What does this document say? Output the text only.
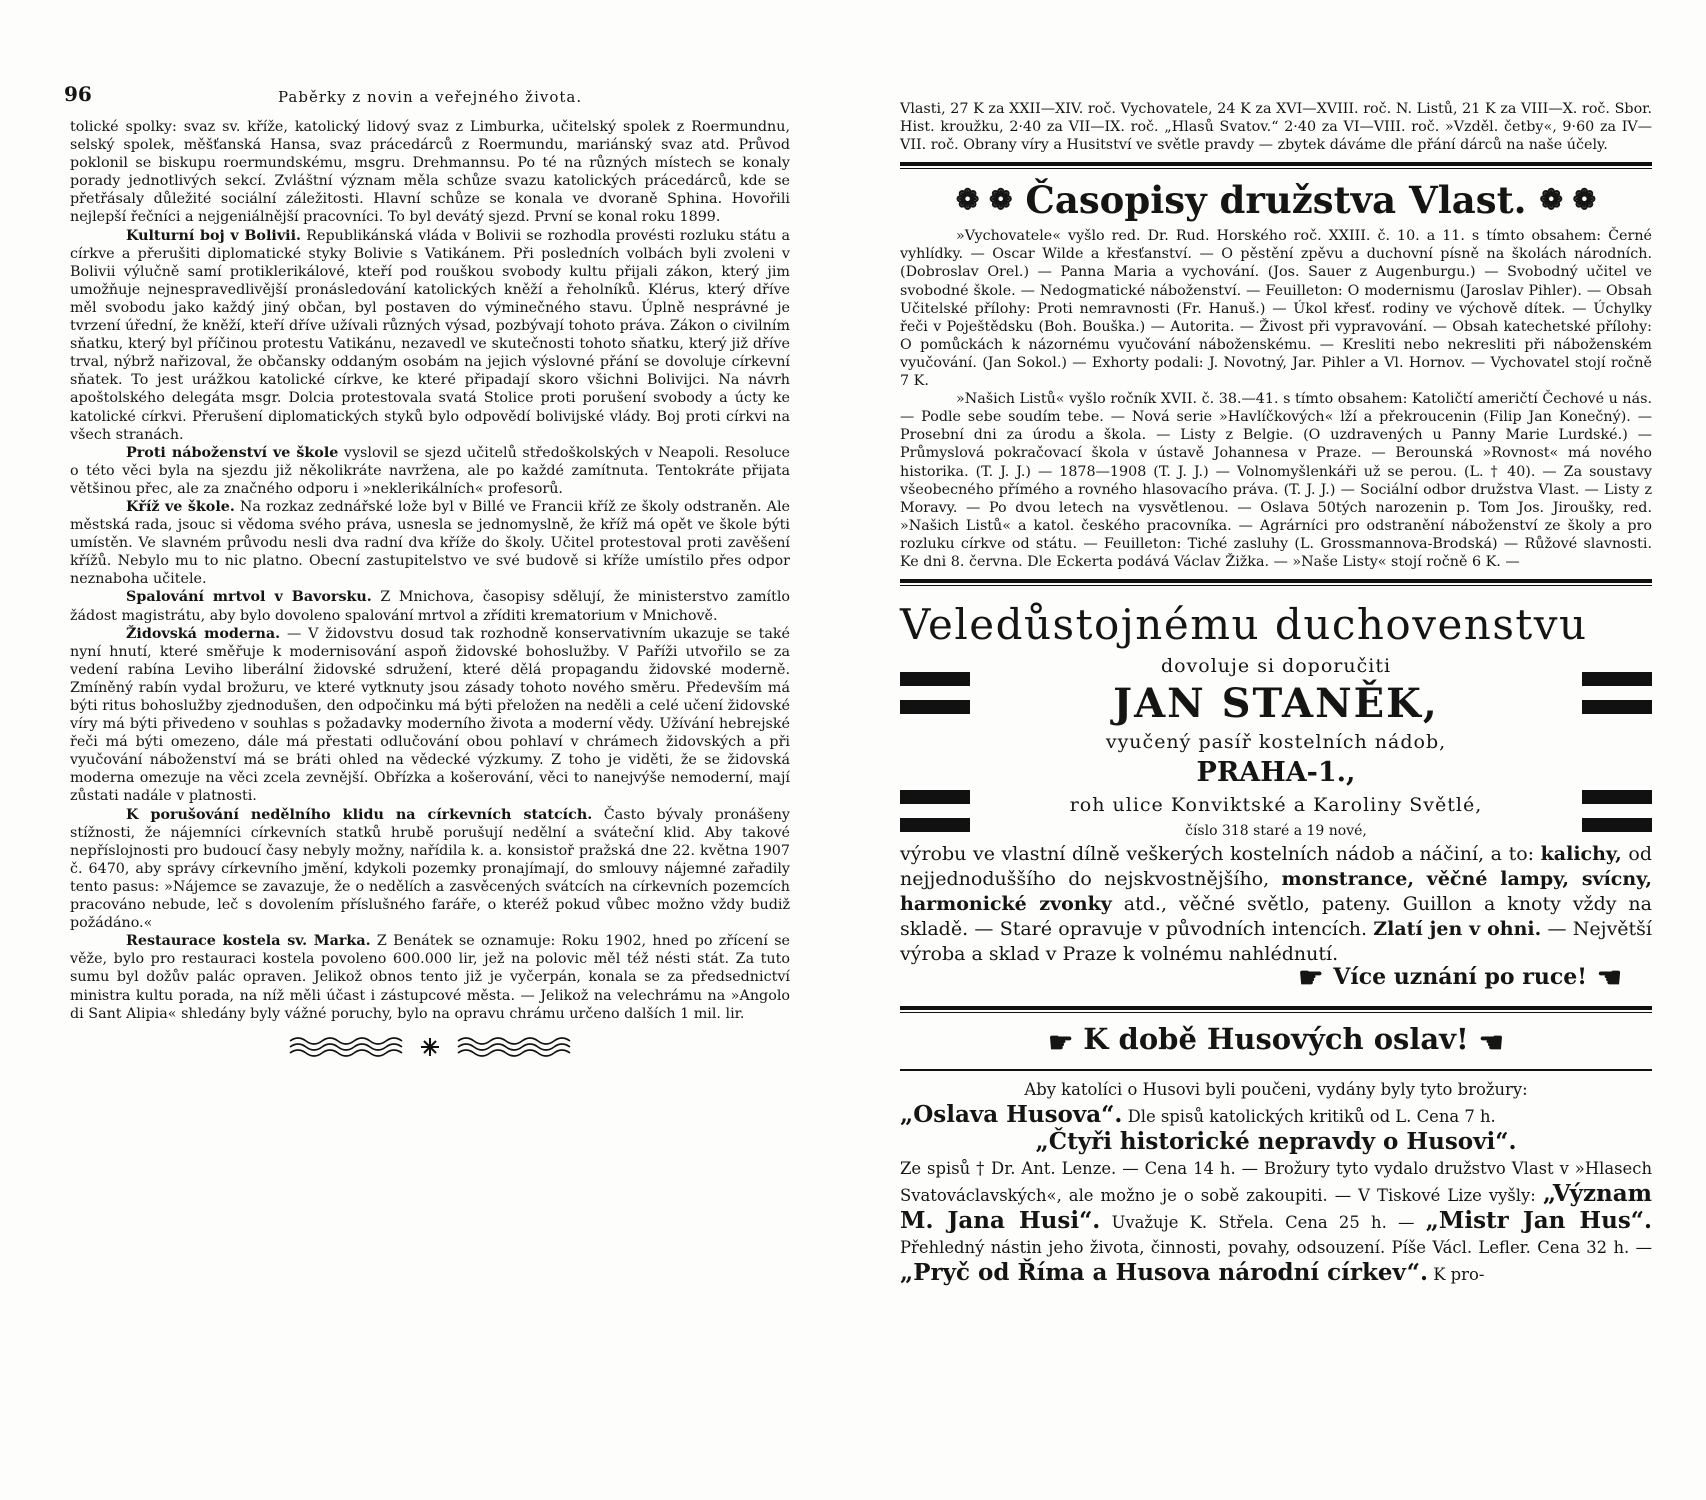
96	Paběrky z novin a veřejného života.

tolické spolky: svaz sv. kříže, katolický lidový svaz z Limburka, učitelský spolek z Roermundnu, selský spolek, měšťanská Hansa, svaz prácedárců z Roermundu, mariánský svaz atd. Průvod poklonil se biskupu roermundskému, msgru. Drehmannsu. Po té na různých místech se konaly porady jednotlivých sekcí. Zvláštní význam měla schůze svazu katolických prácedárců, kde se přetřásaly důležité sociální záležitosti. Hlavní schůze se konala ve dvoraně Sphina. Hovořili nejlepší řečníci a nejgeniálnější pracovníci. To byl devátý sjezd. První se konal roku 1899.

Kulturní boj v Bolivii. Republikánská vláda v Bolivii se rozhodla provésti rozluku státu a církve a přerušiti diplomatické styky Bolivie s Vatikánem. Při posledních volbách byli zvoleni v Bolivii výlučně samí protiklerikálové, kteří pod rouškou svobody kultu přijali zákon, který jim umožňuje nejnespravedlivější pronásledování katolických kněží a řeholníků. Klérus, který dříve měl svobodu jako každý jiný občan, byl postaven do výminečného stavu. Úplně nesprávné je tvrzení úřední, že kněží, kteří dříve užívali různých výsad, pozbývají tohoto práva. Zákon o civilním sňatku, který byl příčinou protestu Vatikánu, nezavedl ve skutečnosti tohoto sňatku, který již dříve trval, nýbrž nařizoval, že občansky oddaným osobám na jejich výslovné přání se dovoluje církevní sňatek. To jest urážkou katolické církve, ke které připadají skoro všichni Bolivijci. Na návrh apoštolského delegáta msgr. Dolcia protestovala svatá Stolice proti porušení svobody a úcty ke katolické církvi. Přerušení diplomatických styků bylo odpovědí bolivijské vlády. Boj proti církvi na všech stranách.

Proti náboženství ve škole vyslovil se sjezd učitelů středoškolských v Neapoli. Resoluce o této věci byla na sjezdu již několikráte navržena, ale po každé zamítnuta. Tentokráte přijata většinou přec, ale za značného odporu i »neklerikálních« profesorů.

Kříž ve škole. Na rozkaz zednářské lože byl v Billé ve Francii kříž ze školy odstraněn. Ale městská rada, jsouc si vědoma svého práva, usnesla se jednomyslně, že kříž má opět ve škole býti umístěn. Ve slavném průvodu nesli dva radní dva kříže do školy. Učitel protestoval proti zavěšení křížů. Nebylo mu to nic platno. Obecní zastupitelstvo ve své budově si kříže umístilo přes odpor neznaboha učitele.

Spalování mrtvol v Bavorsku. Z Mnichova, časopisy sdělují, že ministerstvo zamítlo žádost magistrátu, aby bylo dovoleno spalování mrtvol a zříditi krematorium v Mnichově.

Židovská moderna. — V židovstvu dosud tak rozhodně konservativním ukazuje se také nyní hnutí, které směřuje k modernisování aspoň židovské bohoslužby. V Paříži utvořilo se za vedení rabína Leviho liberální židovské sdružení, které dělá propagandu židovské moderně. Zmíněný rabín vydal brožuru, ve které vytknuty jsou zásady tohoto nového směru. Především má býti ritus bohoslužby zjednodušen, den odpočinku má býti přeložen na neděli a celé učení židovské víry má býti přivedeno v souhlas s požadavky moderního života a moderní vědy. Užívání hebrejské řeči má býti omezeno, dále má přestati odlučování obou pohlaví v chrámech židovských a při vyučování náboženství má se bráti ohled na vědecké výzkumy. Z toho je viděti, že se židovská moderna omezuje na věci zcela zevnější. Obřízka a košerování, věci to nanejvýše nemoderní, mají zůstati nadále v platnosti.

K porušování nedělního klidu na církevních statcích. Často bývaly pronášeny stížnosti, že nájemníci církevních statků hrubě porušují nedělní a sváteční klid. Aby takové nepříslojnosti pro budoucí časy nebyly možny, nařídila k. a. konsistoř pražská dne 22. května 1907 č. 6470, aby správy církevního jmění, kdykoli pozemky pronajímají, do smlouvy nájemné zařadily tento pasus: »Nájemce se zavazuje, že o nedělích a zasvěcených svátcích na církevních pozemcích pracováno nebude, leč s dovolením příslušného faráře, o kteréž pokud vůbec možno vždy budiž požádáno.«

Restaurace kostela sv. Marka. Z Benátek se oznamuje: Roku 1902, hned po zřícení se věže, bylo pro restauraci kostela povoleno 600.000 lir, jež na polovic měl též nésti stát. Za tuto sumu byl dožův palác opraven. Jelikož obnos tento již je vyčerpán, konala se za předsednictví ministra kultu porada, na níž měli účast i zástupcové města. — Jelikož na velechrámu na »Angolo di Sant Alipia« shledány byly vážné poruchy, bylo na opravu chrámu určeno dalších 1 mil. lir.

Vlasti, 27 K za XXII—XIV. roč. Vychovatele, 24 K za XVI—XVIII. roč. N. Listů, 21 K za VIII—X. roč. Sbor. Hist. kroužku, 2·40 za VII—IX. roč. „Hlasů Svatov.“ 2·40 za VI—VIII. roč. »Vzděl. četby«, 9·60 za IV—VII. roč. Obrany víry a Husitství ve světle pravdy — zbytek dáváme dle přání dárců na naše účely.

❁ ❁ Časopisy družstva Vlast. ❁ ❁

»Vychovatele« vyšlo red. Dr. Rud. Horského roč. XXIII. č. 10. a 11. s tímto obsahem: Černé vyhlídky. — Oscar Wilde a křesťanství. — O pěstění zpěvu a duchovní písně na školách národních. (Dobroslav Orel.) — Panna Maria a vychování. (Jos. Sauer z Augenburgu.) — Svobodný učitel ve svobodné škole. — Nedogmatické náboženství. — Feuilleton: O modernismu (Jaroslav Pihler). — Obsah Učitelské přílohy: Proti nemravnosti (Fr. Hanuš.) — Úkol křesť. rodiny ve výchově dítek. — Úchylky řeči v Poještědsku (Boh. Bouška.) — Autorita. — Živost při vypravování. — Obsah katechetské přílohy: O pomůckách k názornému vyučování náboženskému. — Kresliti nebo nekresliti při náboženském vyučování. (Jan Sokol.) — Exhorty podali: J. Novotný, Jar. Pihler a Vl. Hornov. — Vychovatel stojí ročně 7 K.

»Našich Listů« vyšlo ročník XVII. č. 38.—41. s tímto obsahem: Katoličtí američtí Čechové u nás. — Podle sebe soudím tebe. — Nová serie »Havlíčkových« lží a překroucenin (Filip Jan Konečný). — Prosební dni za úrodu a škola. — Listy z Belgie. (O uzdravených u Panny Marie Lurdské.) — Průmyslová pokračovací škola v ústavě Johannesa v Praze. — Berounská »Rovnost« má nového historika. (T. J. J.) — 1878—1908 (T. J. J.) — Volnomyšlenkáři už se perou. (L. † 40). — Za soustavy všeobecného přímého a rovného hlasovacího práva. (T. J. J.) — Sociální odbor družstva Vlast. — Listy z Moravy. — Po dvou letech na vysvětlenou. — Oslava 50tých narozenin p. Tom Jos. Jiroušky, red. »Našich Listů« a katol. českého pracovníka. — Agrárníci pro odstranění náboženství ze školy a pro rozluku církve od státu. — Feuilleton: Tiché zasluhy (L. Grossmannova-Brodská) — Růžové slavnosti. Ke dni 8. června. Dle Eckerta podává Václav Žižka. — »Naše Listy« stojí ročně 6 K. —

Veledůstojnému duchovenstvu
dovoluje si doporučiti
JAN STANĚK,
vyučený pasíř kostelních nádob,
PRAHA-1.,
roh ulice Konviktské a Karoliny Světlé,
číslo 318 staré a 19 nové,

výrobu ve vlastní dílně veškerých kostelních nádob a náčiní, a to: kalichy, od nejjednoduššího do nejskvostnějšího, monstrance, věčné lampy, svícny, harmonické zvonky atd., věčné světlo, pateny. Guillon a knoty vždy na skladě. — Staré opravuje v původních intencích. Zlatí jen v ohni. — Největší výroba a sklad v Praze k volnému nahlédnutí.

☛ Více uznání po ruce! ☚
☛ K době Husových oslav! ☚

Aby katolíci o Husovi byli poučeni, vydány byly tyto brožury:

„Oslava Husova“. Dle spisů katolických kritiků od L. Cena 7 h.

„Čtyři historické nepravdy o Husovi“.

Ze spisů † Dr. Ant. Lenze. — Cena 14 h. — Brožury tyto vydalo družstvo Vlast v »Hlasech Svatováclavských«, ale možno je o sobě zakoupiti. — V Tiskové Lize vyšly: „Význam M. Jana Husi“. Uvažuje K. Střela. Cena 25 h. — „Mistr Jan Hus“. Přehledný nástin jeho života, činnosti, povahy, odsouzení. Píše Václ. Lefler. Cena 32 h. — „Pryč od Říma a Husova národní církev“. K pro-
